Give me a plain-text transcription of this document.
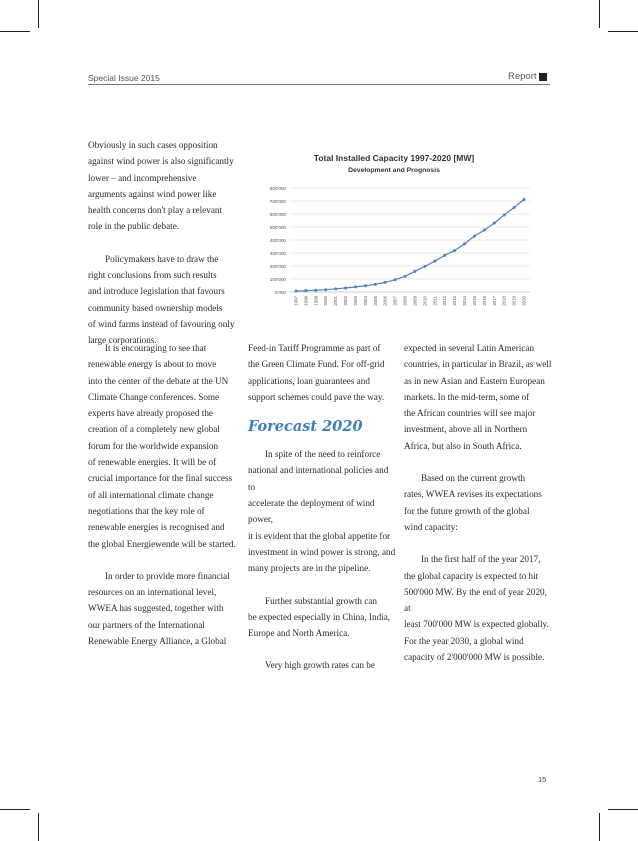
Special Issue 2015	Report

Obviously in such cases opposition
against wind power is also significantly
lower – and incomprehensive
arguments against wind power like
health concerns don't play a relevant
role in the public debate.

Policymakers have to draw the
right conclusions from such results
and introduce legislation that favours
community based ownership models
of wind farms instead of favouring only
large corporations.

Total Installed Capacity 1997-2020 [MW]
Development and Prognosis
0'000
100'000
200'000
300'000
400'000
500'000
600'000
700'000
800'000
1997 1998 1999 2000 2001 2002 2003 2004 2005 2006 2007 2008 2009 2010 2011 2012 2013 2014 2015 2016 2017 2018 2019 2020

It is encouraging to see that
renewable energy is about to move
into the center of the debate at the UN
Climate Change conferences. Some
experts have already proposed the
creation of a completely new global
forum for the worldwide expansion
of renewable energies. It will be of
crucial importance for the final success
of all international climate change
negotiations that the key role of
renewable energies is recognised and
the global Energiewende will be started.

In order to provide more financial
resources on an international level,
WWEA has suggested, together with
our partners of the International
Renewable Energy Alliance, a Global

Feed-in Tariff Programme as part of
the Green Climate Fund. For off-grid
applications, loan guarantees and
support schemes could pave the way.

Forecast 2020

In spite of the need to reinforce
national and international policies and to
accelerate the deployment of wind power,
it is evident that the global appetite for
investment in wind power is strong, and
many projects are in the pipeline.

Further substantial growth can
be expected especially in China, India,
Europe and North America.

Very high growth rates can be

expected in several Latin American
countries, in particular in Brazil, as well
as in new Asian and Eastern European
markets. In the mid-term, some of
the African countries will see major
investment, above all in Northern
Africa, but also in South Africa.

Based on the current growth
rates, WWEA revises its expectations
for the future growth of the global
wind capacity:

In the first half of the year 2017,
the global capacity is expected to hit
500'000 MW. By the end of year 2020, at
least 700'000 MW is expected globally.
For the year 2030, a global wind
capacity of 2'000'000 MW is possible.

15
